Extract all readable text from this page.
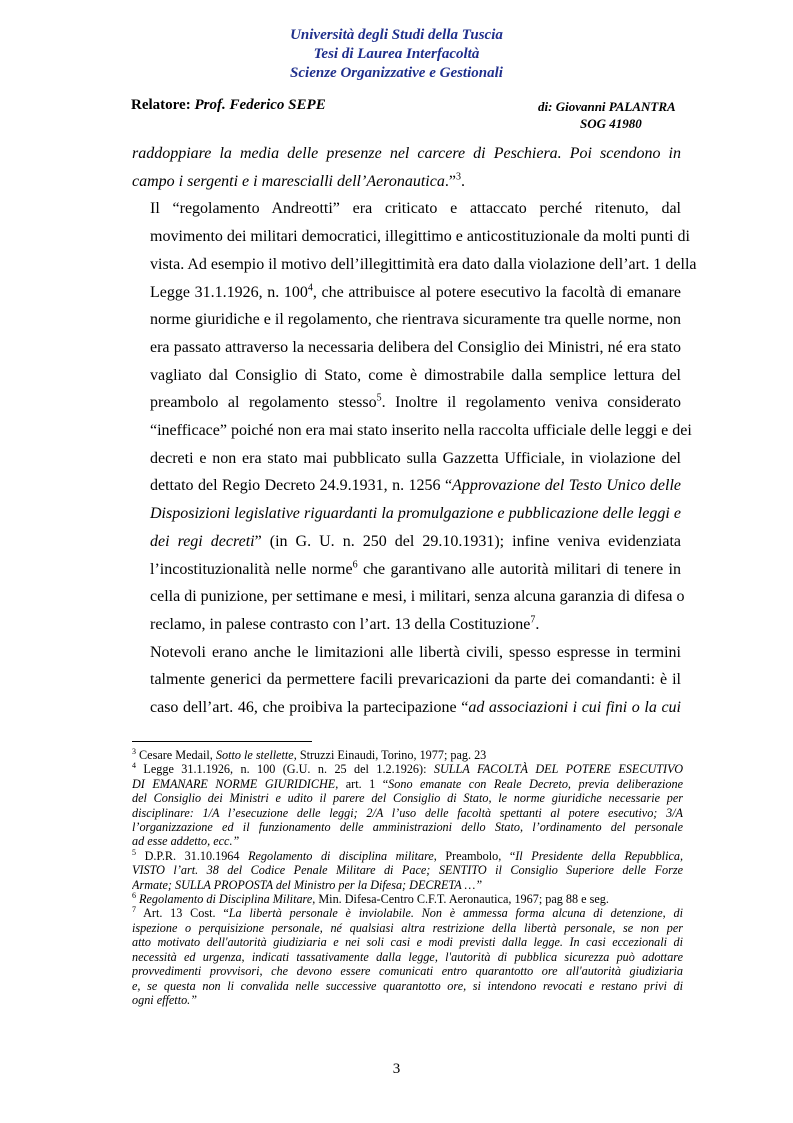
Università degli Studi della Tuscia
Tesi di Laurea Interfacoltà
Scienze Organizzative e Gestionali
Relatore: Prof. Federico SEPE	di: Giovanni PALANTRA
SOG 41980

raddoppiare la media delle presenze nel carcere di Peschiera. Poi scendono in
campo i sergenti e i marescialli dell’Aeronautica.”$^3$.

Il “regolamento Andreotti” era criticato e attaccato perché ritenuto, dal
movimento dei militari democratici, illegittimo e anticostituzionale da molti punti di
vista. Ad esempio il motivo dell’illegittimità era dato dalla violazione dell’art. 1 della
Legge 31.1.1926, n. $100^4$, che attribuisce al potere esecutivo la facoltà di emanare
norme giuridiche e il regolamento, che rientrava sicuramente tra quelle norme, non
era passato attraverso la necessaria delibera del Consiglio dei Ministri, né era stato
vagliato dal Consiglio di Stato, come è dimostrabile dalla semplice lettura del
preambolo al regolamento stesso$^5$. Inoltre il regolamento veniva considerato
“inefficace” poiché non era mai stato inserito nella raccolta ufficiale delle leggi e dei
decreti e non era stato mai pubblicato sulla Gazzetta Ufficiale, in violazione del
dettato del Regio Decreto 24.9.1931, n. 1256 “Approvazione del Testo Unico delle
Disposizioni legislative riguardanti la promulgazione e pubblicazione delle leggi e
dei regi decreti” (in G. U. n. 250 del 29.10.1931); infine veniva evidenziata
l’incostituzionalità nelle norme$^6$ che garantivano alle autorità militari di tenere in
cella di punizione, per settimane e mesi, i militari, senza alcuna garanzia di difesa o
reclamo, in palese contrasto con l’art. 13 della Costituzione$^7$.

Notevoli erano anche le limitazioni alle libertà civili, spesso espresse in termini
talmente generici da permettere facili prevaricazioni da parte dei comandanti: è il
caso dell’art. 46, che proibiva la partecipazione “ad associazioni i cui fini o la cui

$^3$ Cesare Medail, Sotto le stellette, Struzzi Einaudi, Torino, 1977; pag. 23
$^4$ Legge 31.1.1926, n. 100 (G.U. n. 25 del 1.2.1926): SULLA FACOLTÀ DEL POTERE ESECUTIVO
DI EMANARE NORME GIURIDICHE, art. 1 “Sono emanate con Reale Decreto, previa deliberazione
del Consiglio dei Ministri e udito il parere del Consiglio di Stato, le norme giuridiche necessarie per
disciplinare: 1/A l’esecuzione delle leggi; 2/A l’uso delle facoltà spettanti al potere esecutivo; 3/A
l’organizzazione ed il funzionamento delle amministrazioni dello Stato, l’ordinamento del personale
ad esse addetto, ecc.”
$^5$ D.P.R. 31.10.1964 Regolamento di disciplina militare, Preambolo, “Il Presidente della Repubblica,
VISTO l’art. 38 del Codice Penale Militare di Pace; SENTITO il Consiglio Superiore delle Forze
Armate; SULLA PROPOSTA del Ministro per la Difesa; DECRETA …”
$^6$ Regolamento di Disciplina Militare, Min. Difesa-Centro C.F.T. Aeronautica, 1967; pag 88 e seg.
$^7$ Art. 13 Cost. “La libertà personale è inviolabile. Non è ammessa forma alcuna di detenzione, di
ispezione o perquisizione personale, né qualsiasi altra restrizione della libertà personale, se non per
atto motivato dell'autorità giudiziaria e nei soli casi e modi previsti dalla legge. In casi eccezionali di
necessità ed urgenza, indicati tassativamente dalla legge, l'autorità di pubblica sicurezza può adottare
provvedimenti provvisori, che devono essere comunicati entro quarantotto ore all'autorità giudiziaria
e, se questa non li convalida nelle successive quarantotto ore, si intendono revocati e restano privi di
ogni effetto.”
3
